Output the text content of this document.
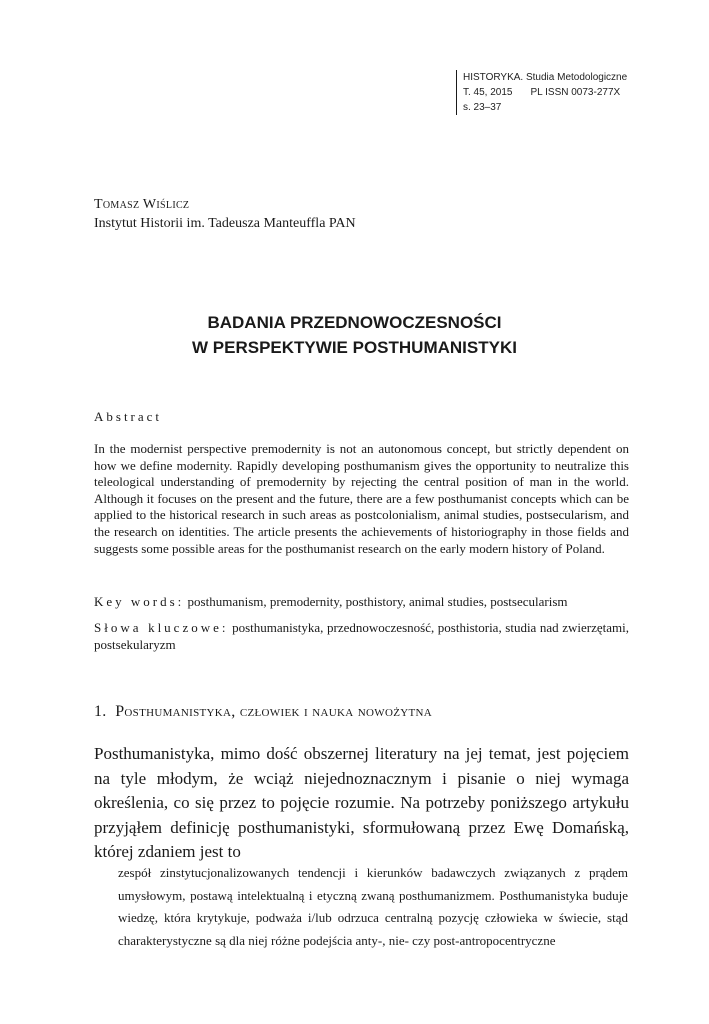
HISTORYKA. Studia Metodologiczne
T. 45, 2015 PL ISSN 0073-277X
s. 23–37
Tomasz Wiślicz
Instytut Historii im. Tadeusza Manteuffla PAN
BADANIA PRZEDNOWOCZESNOŚCI
W PERSPEKTYWIE POSTHUMANISTYKI
Abstract
In the modernist perspective premodernity is not an autonomous concept, but strictly dependent on how we define modernity. Rapidly developing posthumanism gives the opportunity to neutralize this teleological understanding of premodernity by rejecting the central position of man in the world. Although it focuses on the present and the future, there are a few posthumanist concepts which can be applied to the historical research in such areas as postcolonialism, animal studies, postsecularism, and the research on identities. The article presents the achievements of historiography in those fields and suggests some possible areas for the posthumanist research on the early modern history of Poland.
Key words: posthumanism, premodernity, posthistory, animal studies, postsecularism
Słowa kluczowe: posthumanistyka, przednowoczesność, posthistoria, studia nad zwierzętami, postsekularyzm
1. Posthumanistyka, człowiek i nauka nowożytna
Posthumanistyka, mimo dość obszernej literatury na jej temat, jest pojęciem na tyle młodym, że wciąż niejednoznacznym i pisanie o niej wymaga określenia, co się przez to pojęcie rozumie. Na potrzeby poniższego artykułu przyjąłem definicję posthumanistyki, sformułowaną przez Ewę Domańską, której zdaniem jest to
zespół zinstytucjonalizowanych tendencji i kierunków badawczych związanych z prądem umysłowym, postawą intelektualną i etyczną zwaną posthumanizmem. Posthumanistyka buduje wiedzę, która krytykuje, podważa i/lub odrzuca centralną pozycję człowieka w świecie, stąd charakterystyczne są dla niej różne podejścia anty-, nie- czy post-antropocentryczne
